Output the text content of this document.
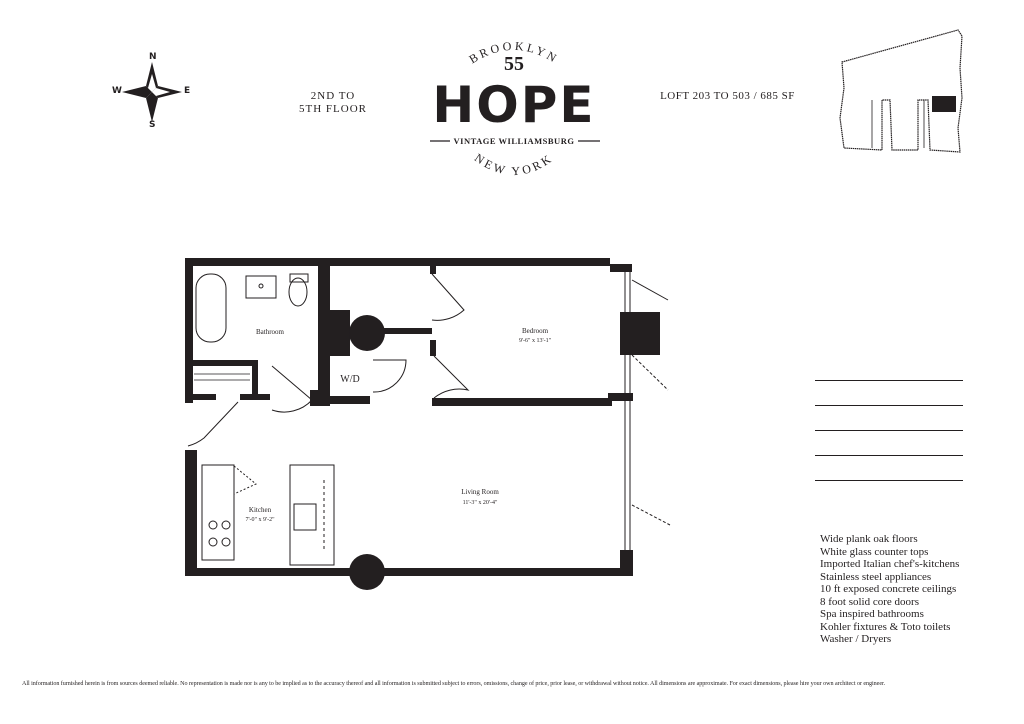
N
S
E
W	2ND TO
5TH FLOOR
BROOKLYN
55
HOPE
VINTAGE WILLIAMSBURG
NEW YORK
LOFT 203 TO 503 / 685 SF
Bathroom	Bedroom
9'-6" x 13'-1"
W/D
Living Room
11'-3" x 20'-4"
Kitchen
7'-0" x 9'-2"
Wide plank oak floors
White glass counter tops
Imported Italian chef's-kitchens
Stainless steel appliances
10 ft exposed concrete ceilings
8 foot solid core doors
Spa inspired bathrooms
Kohler fixtures & Toto toilets
Washer / Dryers
All information furnished herein is from sources deemed reliable. No representation is made nor is any to be implied as to the accuracy thereof and all information is submitted subject to errors, omissions, change of price, prior lease, or withdrawal without notice. All dimensions are approximate. For exact dimensions, please hire your own architect or engineer.
